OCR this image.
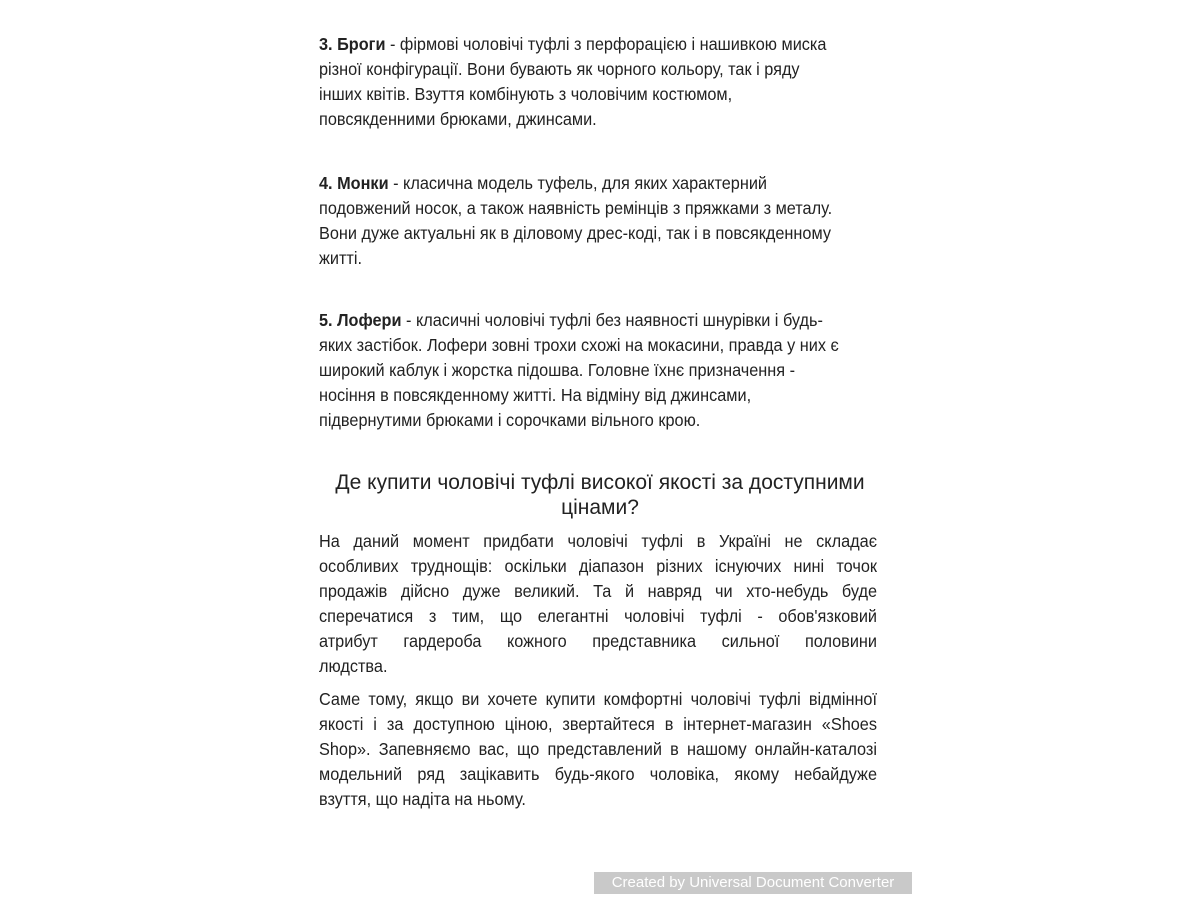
3. Броги - фірмові чоловічі туфлі з перфорацією і нашивкою миска
різної конфігурації. Вони бувають як чорного кольору, так і ряду
інших квітів. Взуття комбінують з чоловічим костюмом,
повсякденними брюками, джинсами.
4. Монки - класична модель туфель, для яких характерний
подовжений носок, а також наявність ремінців з пряжками з металу.
Вони дуже актуальні як в діловому дрес-коді, так і в повсякденному
житті.
5. Лофери - класичні чоловічі туфлі без наявності шнурівки і будь-
яких застібок. Лофери зовні трохи схожі на мокасини, правда у них є
широкий каблук і жорстка підошва. Головне їхнє призначення -
носіння в повсякденному житті. На відміну від джинсами,
підвернутими брюками і сорочками вільного крою.
Де купити чоловічі туфлі високої якості за доступними
цінами?
На даний момент придбати чоловічі туфлі в Україні не складає
особливих труднощів: оскільки діапазон різних існуючих нині точок
продажів дійсно дуже великий. Та й навряд чи хто-небудь буде
сперечатися з тим, що елегантні чоловічі туфлі - обов'язковий
атрибут гардероба кожного представника сильної половини
людства.
Саме тому, якщо ви хочете купити комфортні чоловічі туфлі відмінної
якості і за доступною ціною, звертайтеся в інтернет-магазин «Shoes
Shop». Запевняємо вас, що представлений в нашому онлайн-каталозі
модельний ряд зацікавить будь-якого чоловіка, якому небайдуже
взуття, що надіта на ньому.
Created by Universal Document Converter
